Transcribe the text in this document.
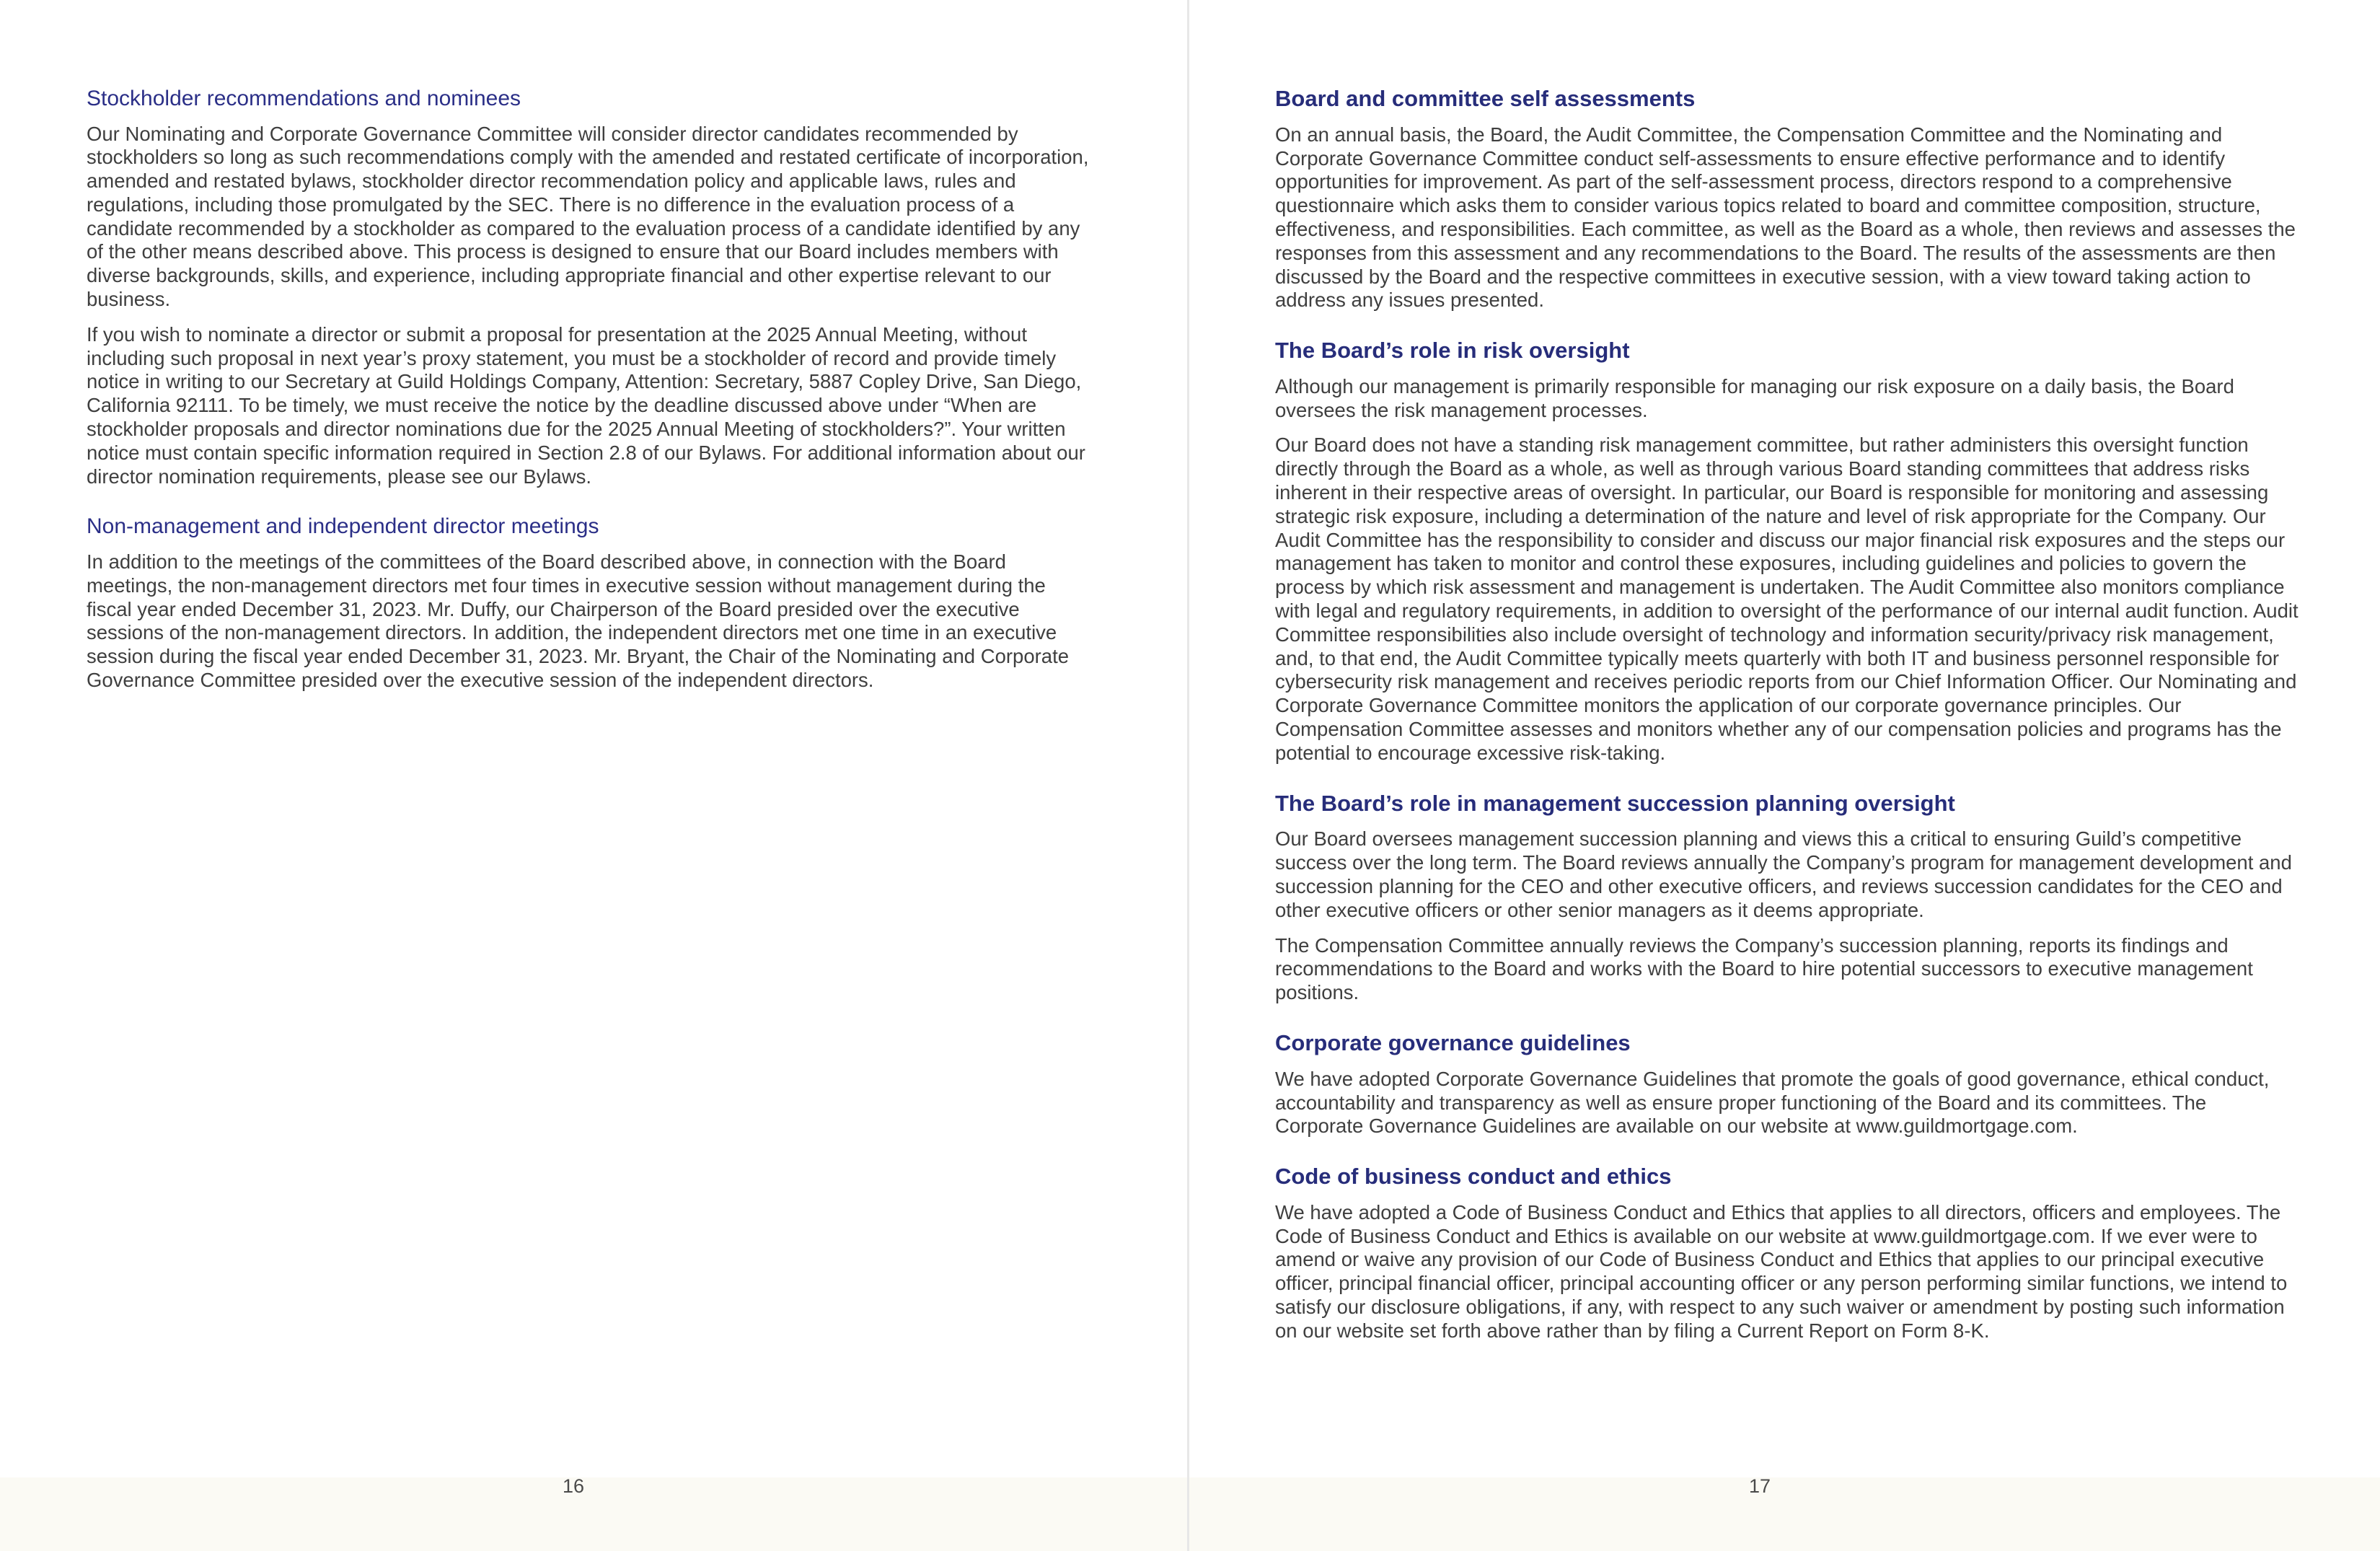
Stockholder recommendations and nominees

Our Nominating and Corporate Governance Committee will consider director candidates recommended by stockholders so long as such recommendations comply with the amended and restated certificate of incorporation, amended and restated bylaws, stockholder director recommendation policy and applicable laws, rules and regulations, including those promulgated by the SEC. There is no difference in the evaluation process of a candidate recommended by a stockholder as compared to the evaluation process of a candidate identified by any of the other means described above. This process is designed to ensure that our Board includes members with diverse backgrounds, skills, and experience, including appropriate financial and other expertise relevant to our business.

If you wish to nominate a director or submit a proposal for presentation at the 2025 Annual Meeting, without including such proposal in next year’s proxy statement, you must be a stockholder of record and provide timely notice in writing to our Secretary at Guild Holdings Company, Attention: Secretary, 5887 Copley Drive, San Diego, California 92111. To be timely, we must receive the notice by the deadline discussed above under “When are stockholder proposals and director nominations due for the 2025 Annual Meeting of stockholders?”. Your written notice must contain specific information required in Section 2.8 of our Bylaws. For additional information about our director nomination requirements, please see our Bylaws.

Non-management and independent director meetings

In addition to the meetings of the committees of the Board described above, in connection with the Board meetings, the non-management directors met four times in executive session without management during the fiscal year ended December 31, 2023. Mr. Duffy, our Chairperson of the Board presided over the executive sessions of the non-management directors. In addition, the independent directors met one time in an executive session during the fiscal year ended December 31, 2023. Mr. Bryant, the Chair of the Nominating and Corporate Governance Committee presided over the executive session of the independent directors.

Board and committee self assessments

On an annual basis, the Board, the Audit Committee, the Compensation Committee and the Nominating and Corporate Governance Committee conduct self-assessments to ensure effective performance and to identify opportunities for improvement. As part of the self-assessment process, directors respond to a comprehensive questionnaire which asks them to consider various topics related to board and committee composition, structure, effectiveness, and responsibilities. Each committee, as well as the Board as a whole, then reviews and assesses the responses from this assessment and any recommendations to the Board. The results of the assessments are then discussed by the Board and the respective committees in executive session, with a view toward taking action to address any issues presented.

The Board’s role in risk oversight

Although our management is primarily responsible for managing our risk exposure on a daily basis, the Board oversees the risk management processes.

Our Board does not have a standing risk management committee, but rather administers this oversight function directly through the Board as a whole, as well as through various Board standing committees that address risks inherent in their respective areas of oversight. In particular, our Board is responsible for monitoring and assessing strategic risk exposure, including a determination of the nature and level of risk appropriate for the Company. Our Audit Committee has the responsibility to consider and discuss our major financial risk exposures and the steps our management has taken to monitor and control these exposures, including guidelines and policies to govern the process by which risk assessment and management is undertaken. The Audit Committee also monitors compliance with legal and regulatory requirements, in addition to oversight of the performance of our internal audit function. Audit Committee responsibilities also include oversight of technology and information security/privacy risk management, and, to that end, the Audit Committee typically meets quarterly with both IT and business personnel responsible for cybersecurity risk management and receives periodic reports from our Chief Information Officer. Our Nominating and Corporate Governance Committee monitors the application of our corporate governance principles. Our Compensation Committee assesses and monitors whether any of our compensation policies and programs has the potential to encourage excessive risk-taking.

The Board’s role in management succession planning oversight

Our Board oversees management succession planning and views this a critical to ensuring Guild’s competitive success over the long term. The Board reviews annually the Company’s program for management development and succession planning for the CEO and other executive officers, and reviews succession candidates for the CEO and other executive officers or other senior managers as it deems appropriate.

The Compensation Committee annually reviews the Company’s succession planning, reports its findings and recommendations to the Board and works with the Board to hire potential successors to executive management positions.

Corporate governance guidelines

We have adopted Corporate Governance Guidelines that promote the goals of good governance, ethical conduct, accountability and transparency as well as ensure proper functioning of the Board and its committees. The Corporate Governance Guidelines are available on our website at www.guildmortgage.com.

Code of business conduct and ethics

We have adopted a Code of Business Conduct and Ethics that applies to all directors, officers and employees. The Code of Business Conduct and Ethics is available on our website at www.guildmortgage.com. If we ever were to amend or waive any provision of our Code of Business Conduct and Ethics that applies to our principal executive officer, principal financial officer, principal accounting officer or any person performing similar functions, we intend to satisfy our disclosure obligations, if any, with respect to any such waiver or amendment by posting such information on our website set forth above rather than by filing a Current Report on Form 8-K.

16	17
